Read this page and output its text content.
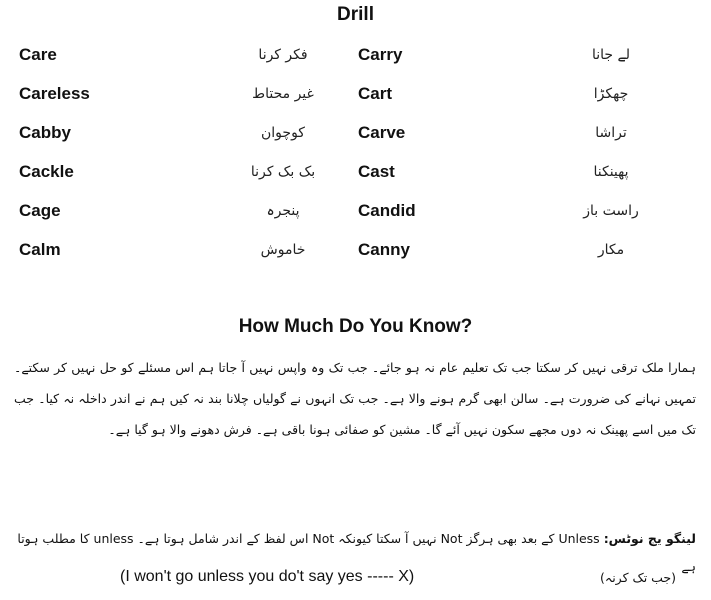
Drill
Care	فکر کرنا	Carry	لے جانا
Careless	غیر محتاط	Cart	چھکڑا
Cabby	کوچوان	Carve	تراشا
Cackle	بک بک کرنا	Cast	پھینکنا
Cage	پنجرہ	Candid	راست باز
Calm	خاموش	Canny	مکار
How Much Do You Know?
ہمارا ملک ترقی نہیں کر سکتا جب تک تعلیم عام نہ ہو جائے۔ جب تک وہ واپس نہیں آ جاتا ہم اس مسئلے کو حل نہیں کر سکتے۔ تمہیں نہانے کی ضرورت ہے۔ سالن ابھی گرم ہونے والا ہے۔ جب تک انہوں نے گولیاں چلانا بند نہ کیں ہم نے اندر داخلہ نہ کیا۔ جب تک میں اسے پھینک نہ دوں مجھے سکون نہیں آئے گا۔ مشین کو صفائی ہونا باقی ہے۔ فرش دھونے والا ہو گیا ہے۔
لینگو یج نوٹس: Unless کے بعد بھی ہرگز Not نہیں آ سکتا کیونکہ Not اس لفظ کے اندر شامل ہوتا ہے۔ unless کا مطلب ہوتا ہے
(I won't go unless you do't say yes ----- X)	(جب تک کرنہ)
